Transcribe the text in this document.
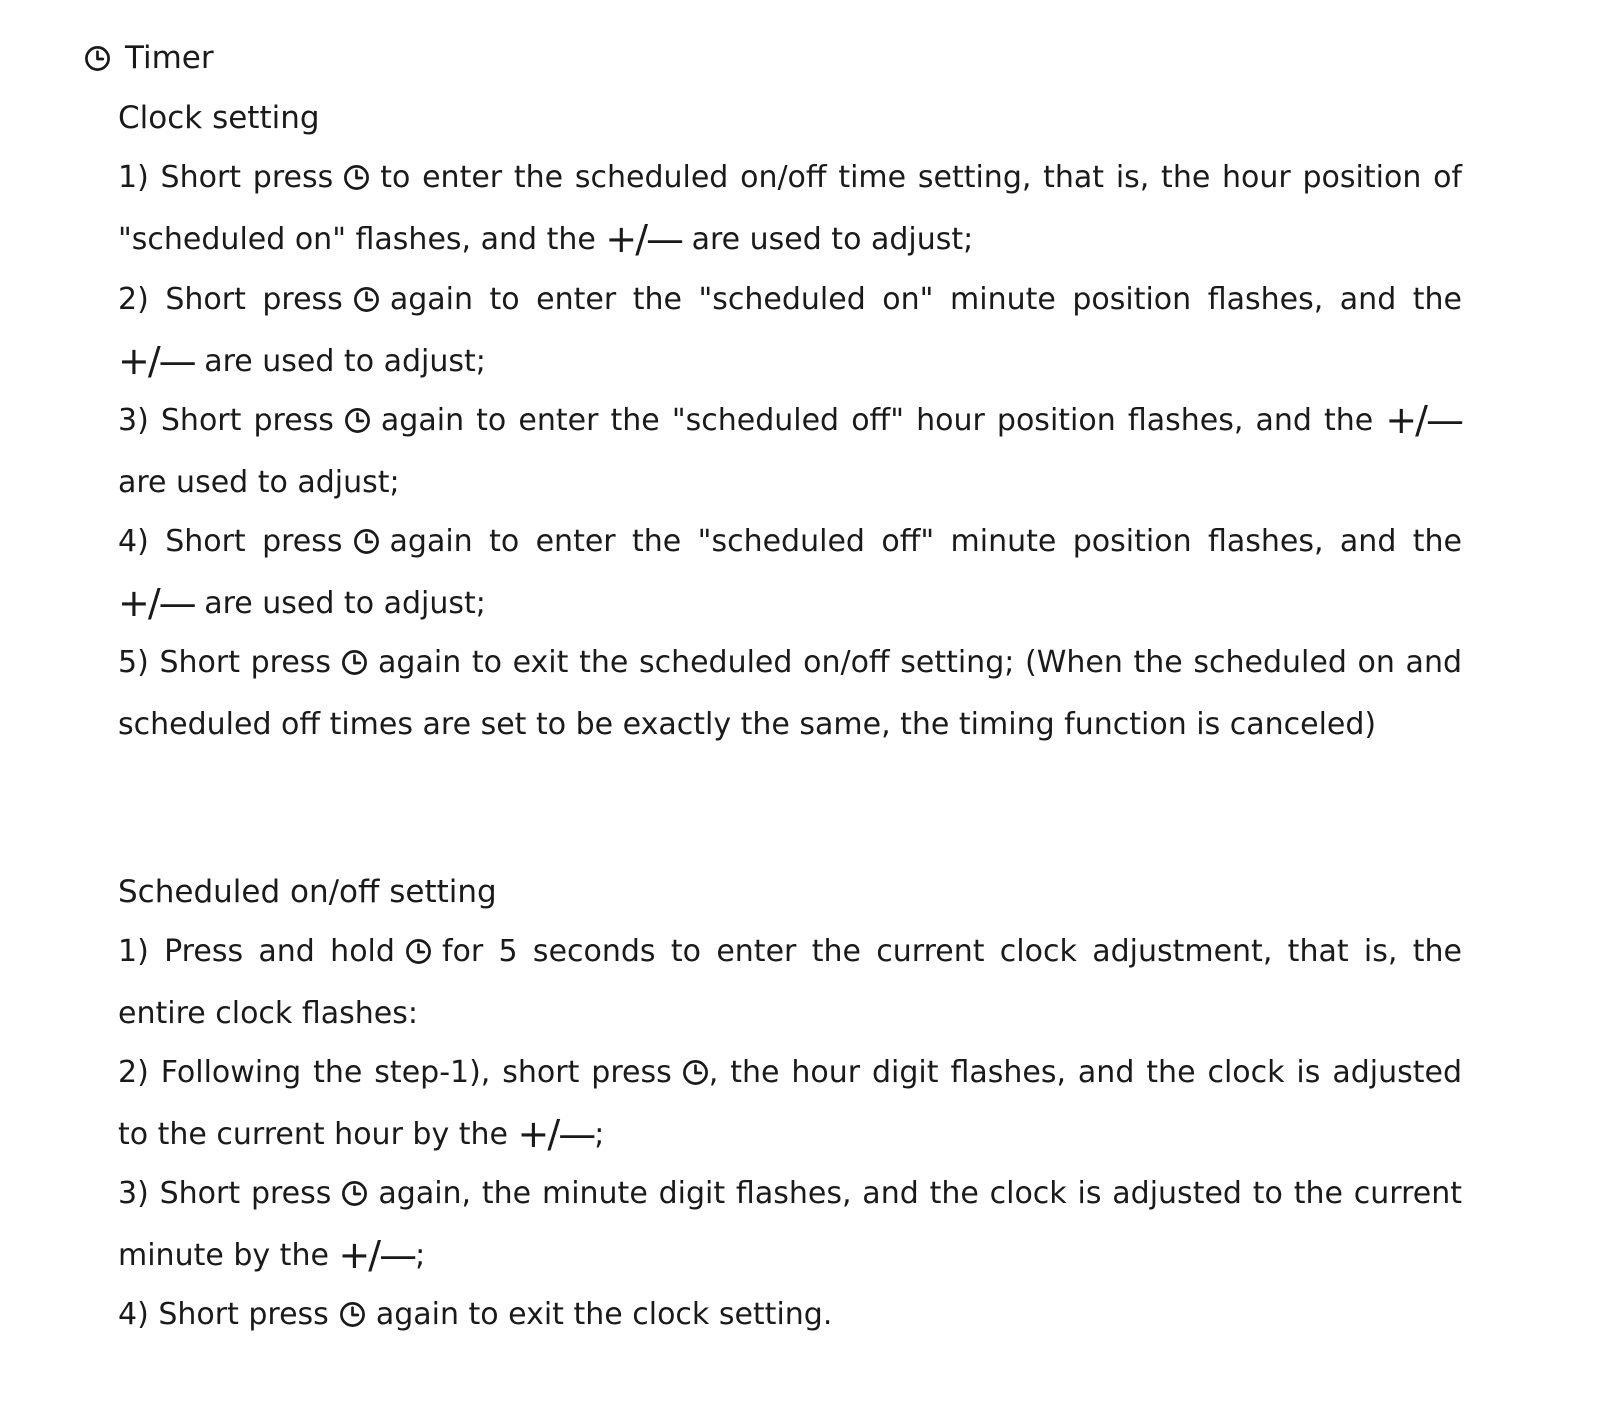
Timer
Clock setting

1) Short press to enter the scheduled on/off time setting, that is, the hour position of "scheduled on" flashes, and the +/— are used to adjust;

2) Short press again to enter the "scheduled on" minute position flashes, and the +/— are used to adjust;

3) Short press again to enter the "scheduled off" hour position flashes, and the +/— are used to adjust;

4) Short press again to enter the "scheduled off" minute position flashes, and the +/— are used to adjust;

5) Short press again to exit the scheduled on/off setting; (When the scheduled on and scheduled off times are set to be exactly the same, the timing function is canceled)

Scheduled on/off setting

1) Press and hold for 5 seconds to enter the current clock adjustment, that is, the entire clock flashes:

2) Following the step-1), short press , the hour digit flashes, and the clock is adjusted to the current hour by the +/—;

3) Short press again, the minute digit flashes, and the clock is adjusted to the current minute by the +/—;

4) Short press again to exit the clock setting.
